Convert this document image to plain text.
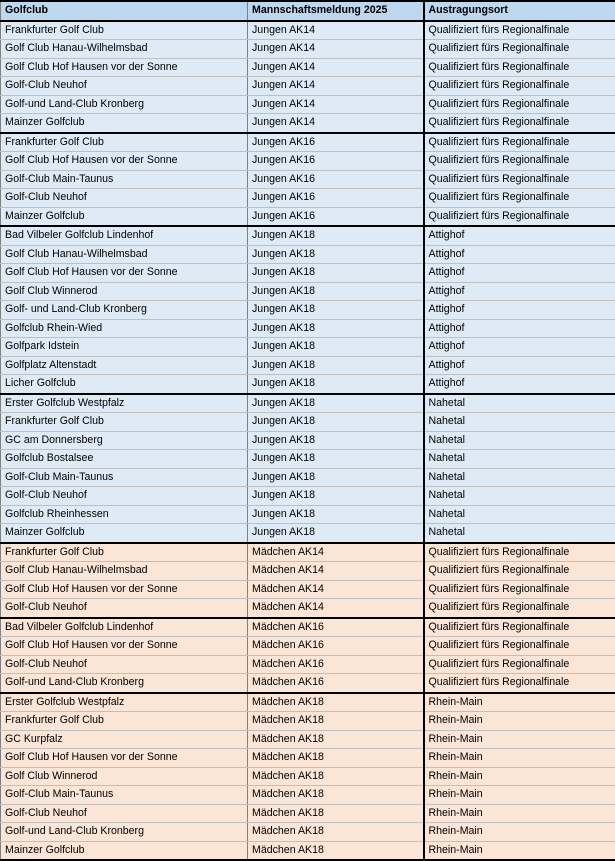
Golfclub	Mannschaftsmeldung 2025	Austragungsort
Frankfurter Golf Club	Jungen AK14	Qualifiziert fürs Regionalfinale
Golf Club Hanau-Wilhelmsbad	Jungen AK14	Qualifiziert fürs Regionalfinale
Golf Club Hof Hausen vor der Sonne	Jungen AK14	Qualifiziert fürs Regionalfinale
Golf-Club Neuhof	Jungen AK14	Qualifiziert fürs Regionalfinale
Golf-und Land-Club Kronberg	Jungen AK14	Qualifiziert fürs Regionalfinale
Mainzer Golfclub	Jungen AK14	Qualifiziert fürs Regionalfinale
Frankfurter Golf Club	Jungen AK16	Qualifiziert fürs Regionalfinale
Golf Club Hof Hausen vor der Sonne	Jungen AK16	Qualifiziert fürs Regionalfinale
Golf-Club Main-Taunus	Jungen AK16	Qualifiziert fürs Regionalfinale
Golf-Club Neuhof	Jungen AK16	Qualifiziert fürs Regionalfinale
Mainzer Golfclub	Jungen AK16	Qualifiziert fürs Regionalfinale
Bad Vilbeler Golfclub Lindenhof	Jungen AK18	Attighof
Golf Club Hanau-Wilhelmsbad	Jungen AK18	Attighof
Golf Club Hof Hausen vor der Sonne	Jungen AK18	Attighof
Golf Club Winnerod	Jungen AK18	Attighof
Golf- und Land-Club Kronberg	Jungen AK18	Attighof
Golfclub Rhein-Wied	Jungen AK18	Attighof
Golfpark Idstein	Jungen AK18	Attighof
Golfplatz Altenstadt	Jungen AK18	Attighof
Licher Golfclub	Jungen AK18	Attighof
Erster Golfclub Westpfalz	Jungen AK18	Nahetal
Frankfurter Golf Club	Jungen AK18	Nahetal
GC am Donnersberg	Jungen AK18	Nahetal
Golfclub Bostalsee	Jungen AK18	Nahetal
Golf-Club Main-Taunus	Jungen AK18	Nahetal
Golf-Club Neuhof	Jungen AK18	Nahetal
Golfclub Rheinhessen	Jungen AK18	Nahetal
Mainzer Golfclub	Jungen AK18	Nahetal
Frankfurter Golf Club	Mädchen AK14	Qualifiziert fürs Regionalfinale
Golf Club Hanau-Wilhelmsbad	Mädchen AK14	Qualifiziert fürs Regionalfinale
Golf Club Hof Hausen vor der Sonne	Mädchen AK14	Qualifiziert fürs Regionalfinale
Golf-Club Neuhof	Mädchen AK14	Qualifiziert fürs Regionalfinale
Bad Vilbeler Golfclub Lindenhof	Mädchen AK16	Qualifiziert fürs Regionalfinale
Golf Club Hof Hausen vor der Sonne	Mädchen AK16	Qualifiziert fürs Regionalfinale
Golf-Club Neuhof	Mädchen AK16	Qualifiziert fürs Regionalfinale
Golf-und Land-Club Kronberg	Mädchen AK16	Qualifiziert fürs Regionalfinale
Erster Golfclub Westpfalz	Mädchen AK18	Rhein-Main
Frankfurter Golf Club	Mädchen AK18	Rhein-Main
GC Kurpfalz	Mädchen AK18	Rhein-Main
Golf Club Hof Hausen vor der Sonne	Mädchen AK18	Rhein-Main
Golf Club Winnerod	Mädchen AK18	Rhein-Main
Golf-Club Main-Taunus	Mädchen AK18	Rhein-Main
Golf-Club Neuhof	Mädchen AK18	Rhein-Main
Golf-und Land-Club Kronberg	Mädchen AK18	Rhein-Main
Mainzer Golfclub	Mädchen AK18	Rhein-Main
